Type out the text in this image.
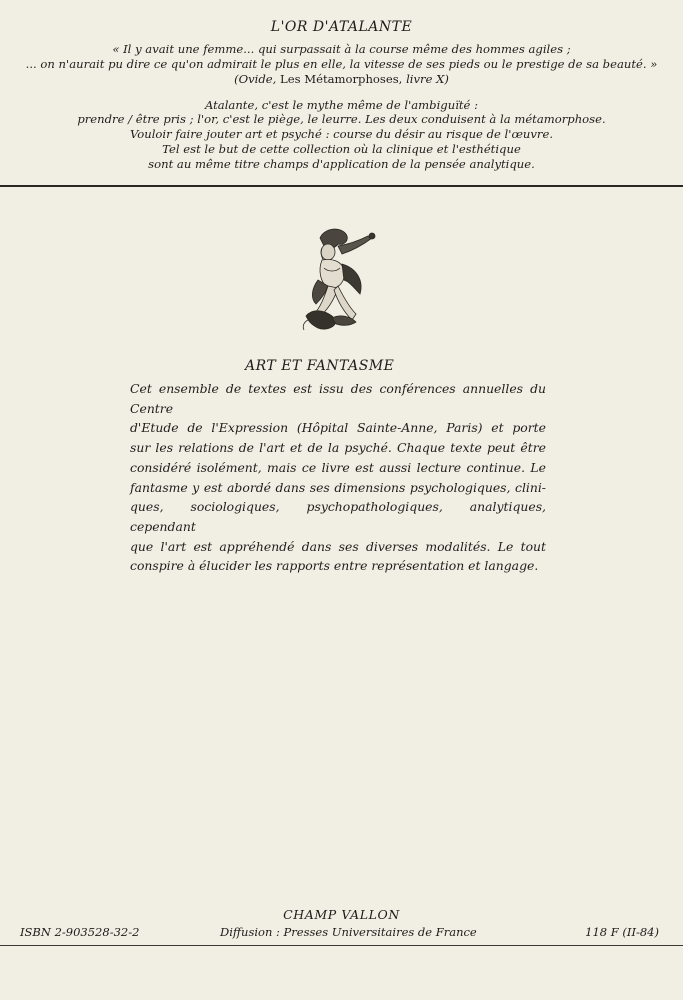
L'OR D'ATALANTE
« Il y avait une femme... qui surpassait à la course même des hommes agiles ;
... on n'aurait pu dire ce qu'on admirait le plus en elle, la vitesse de ses pieds ou le prestige de sa beauté. »
(Ovide, Les Métamorphoses, livre X)
Atalante, c'est le mythe même de l'ambiguïté :
prendre / être pris ; l'or, c'est le piège, le leurre. Les deux conduisent à la métamorphose.
Vouloir faire jouter art et psyché : course du désir au risque de l'œuvre.
Tel est le but de cette collection où la clinique et l'esthétique
sont au même titre champs d'application de la pensée analytique.
ART ET FANTASME
Cet ensemble de textes est issu des conférences annuelles du Centre
d'Etude de l'Expression (Hôpital Sainte-Anne, Paris) et porte
sur les relations de l'art et de la psyché. Chaque texte peut être
considéré isolément, mais ce livre est aussi lecture continue. Le
fantasme y est abordé dans ses dimensions psychologiques, clini-
ques, sociologiques, psychopathologiques, analytiques, cependant
que l'art est appréhendé dans ses diverses modalités. Le tout
conspire à élucider les rapports entre représentation et langage.
CHAMP VALLON
ISBN 2-903528-32-2	Diffusion : Presses Universitaires de France	118 F (II-84)
